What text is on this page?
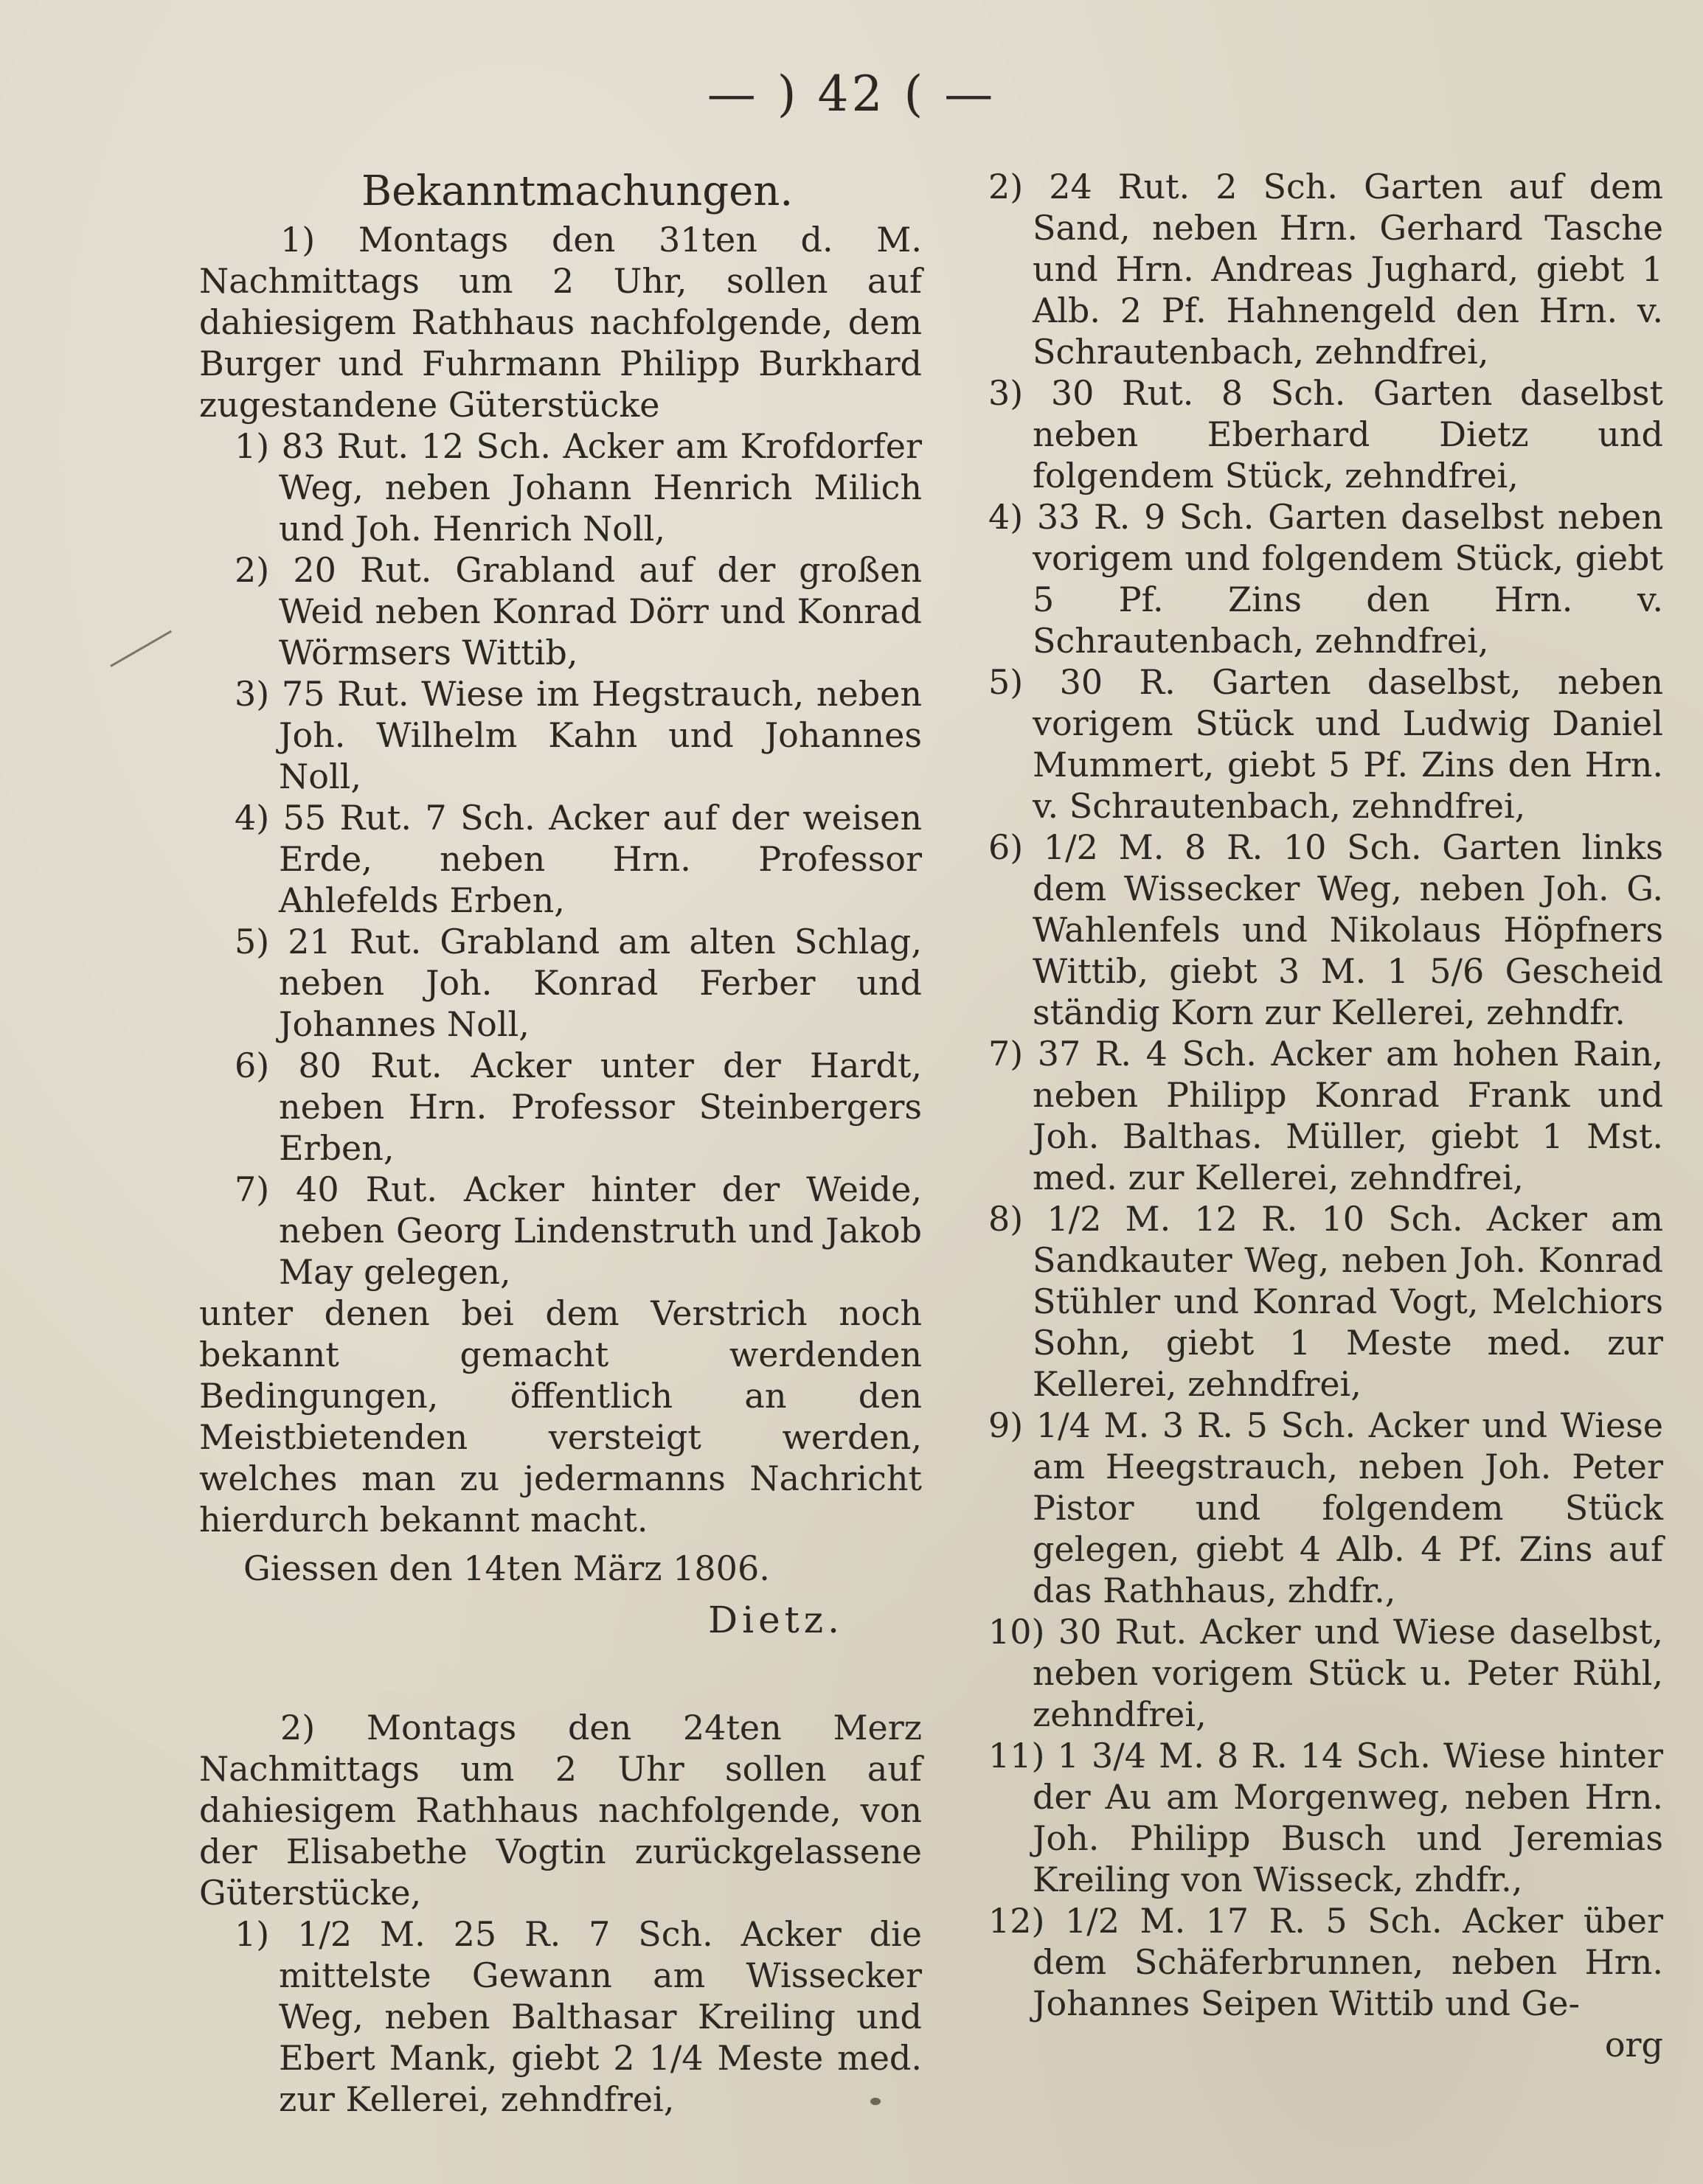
— ) 42 ( —
Bekanntmachungen.

1) Montags den 31ten d. M. Nachmittags um 2 Uhr, sollen auf dahiesigem Rathhaus nachfolgende, dem Burger und Fuhrmann Philipp Burkhard zugestandene Güterstücke

1) 83 Rut. 12 Sch. Acker am Krofdorfer Weg, neben Johann Henrich Milich und Joh. Henrich Noll,

2) 20 Rut. Grabland auf der großen Weid neben Konrad Dörr und Konrad Wörmsers Wittib,

3) 75 Rut. Wiese im Hegstrauch, neben Joh. Wilhelm Kahn und Johannes Noll,

4) 55 Rut. 7 Sch. Acker auf der weisen Erde, neben Hrn. Professor Ahlefelds Erben,

5) 21 Rut. Grabland am alten Schlag, neben Joh. Konrad Ferber und Johannes Noll,

6) 80 Rut. Acker unter der Hardt, neben Hrn. Professor Steinbergers Erben,

7) 40 Rut. Acker hinter der Weide, neben Georg Lindenstruth und Jakob May gelegen,

unter denen bei dem Verstrich noch bekannt gemacht werdenden Bedingungen, öffentlich an den Meistbietenden versteigt werden, welches man zu jedermanns Nachricht hierdurch bekannt macht.

Giessen den 14ten März 1806.
Dietz.

2) Montags den 24ten Merz Nachmittags um 2 Uhr sollen auf dahiesigem Rathhaus nachfolgende, von der Elisabethe Vogtin zurückgelassene Güterstücke,

1) 1/2 M. 25 R. 7 Sch. Acker die mittelste Gewann am Wissecker Weg, neben Balthasar Kreiling und Ebert Mank, giebt 2 1/4 Meste med. zur Kellerei, zehndfrei,

2) 24 Rut. 2 Sch. Garten auf dem Sand, neben Hrn. Gerhard Tasche und Hrn. Andreas Jughard, giebt 1 Alb. 2 Pf. Hahnengeld den Hrn. v. Schrautenbach, zehndfrei,

3) 30 Rut. 8 Sch. Garten daselbst neben Eberhard Dietz und folgendem Stück, zehndfrei,

4) 33 R. 9 Sch. Garten daselbst neben vorigem und folgendem Stück, giebt 5 Pf. Zins den Hrn. v. Schrautenbach, zehndfrei,

5) 30 R. Garten daselbst, neben vorigem Stück und Ludwig Daniel Mummert, giebt 5 Pf. Zins den Hrn. v. Schrautenbach, zehndfrei,

6) 1/2 M. 8 R. 10 Sch. Garten links dem Wissecker Weg, neben Joh. G. Wahlenfels und Nikolaus Höpfners Wittib, giebt 3 M. 1 5/6 Gescheid ständig Korn zur Kellerei, zehndfr.

7) 37 R. 4 Sch. Acker am hohen Rain, neben Philipp Konrad Frank und Joh. Balthas. Müller, giebt 1 Mst. med. zur Kellerei, zehndfrei,

8) 1/2 M. 12 R. 10 Sch. Acker am Sandkauter Weg, neben Joh. Konrad Stühler und Konrad Vogt, Melchiors Sohn, giebt 1 Meste med. zur Kellerei, zehndfrei,

9) 1/4 M. 3 R. 5 Sch. Acker und Wiese am Heegstrauch, neben Joh. Peter Pistor und folgendem Stück gelegen, giebt 4 Alb. 4 Pf. Zins auf das Rathhaus, zhdfr.,

10) 30 Rut. Acker und Wiese daselbst, neben vorigem Stück u. Peter Rühl, zehndfrei,

11) 1 3/4 M. 8 R. 14 Sch. Wiese hinter der Au am Morgenweg, neben Hrn. Joh. Philipp Busch und Jeremias Kreiling von Wisseck, zhdfr.,

12) 1/2 M. 17 R. 5 Sch. Acker über dem Schäferbrunnen, neben Hrn. Johannes Seipen Wittib und Ge-

org
